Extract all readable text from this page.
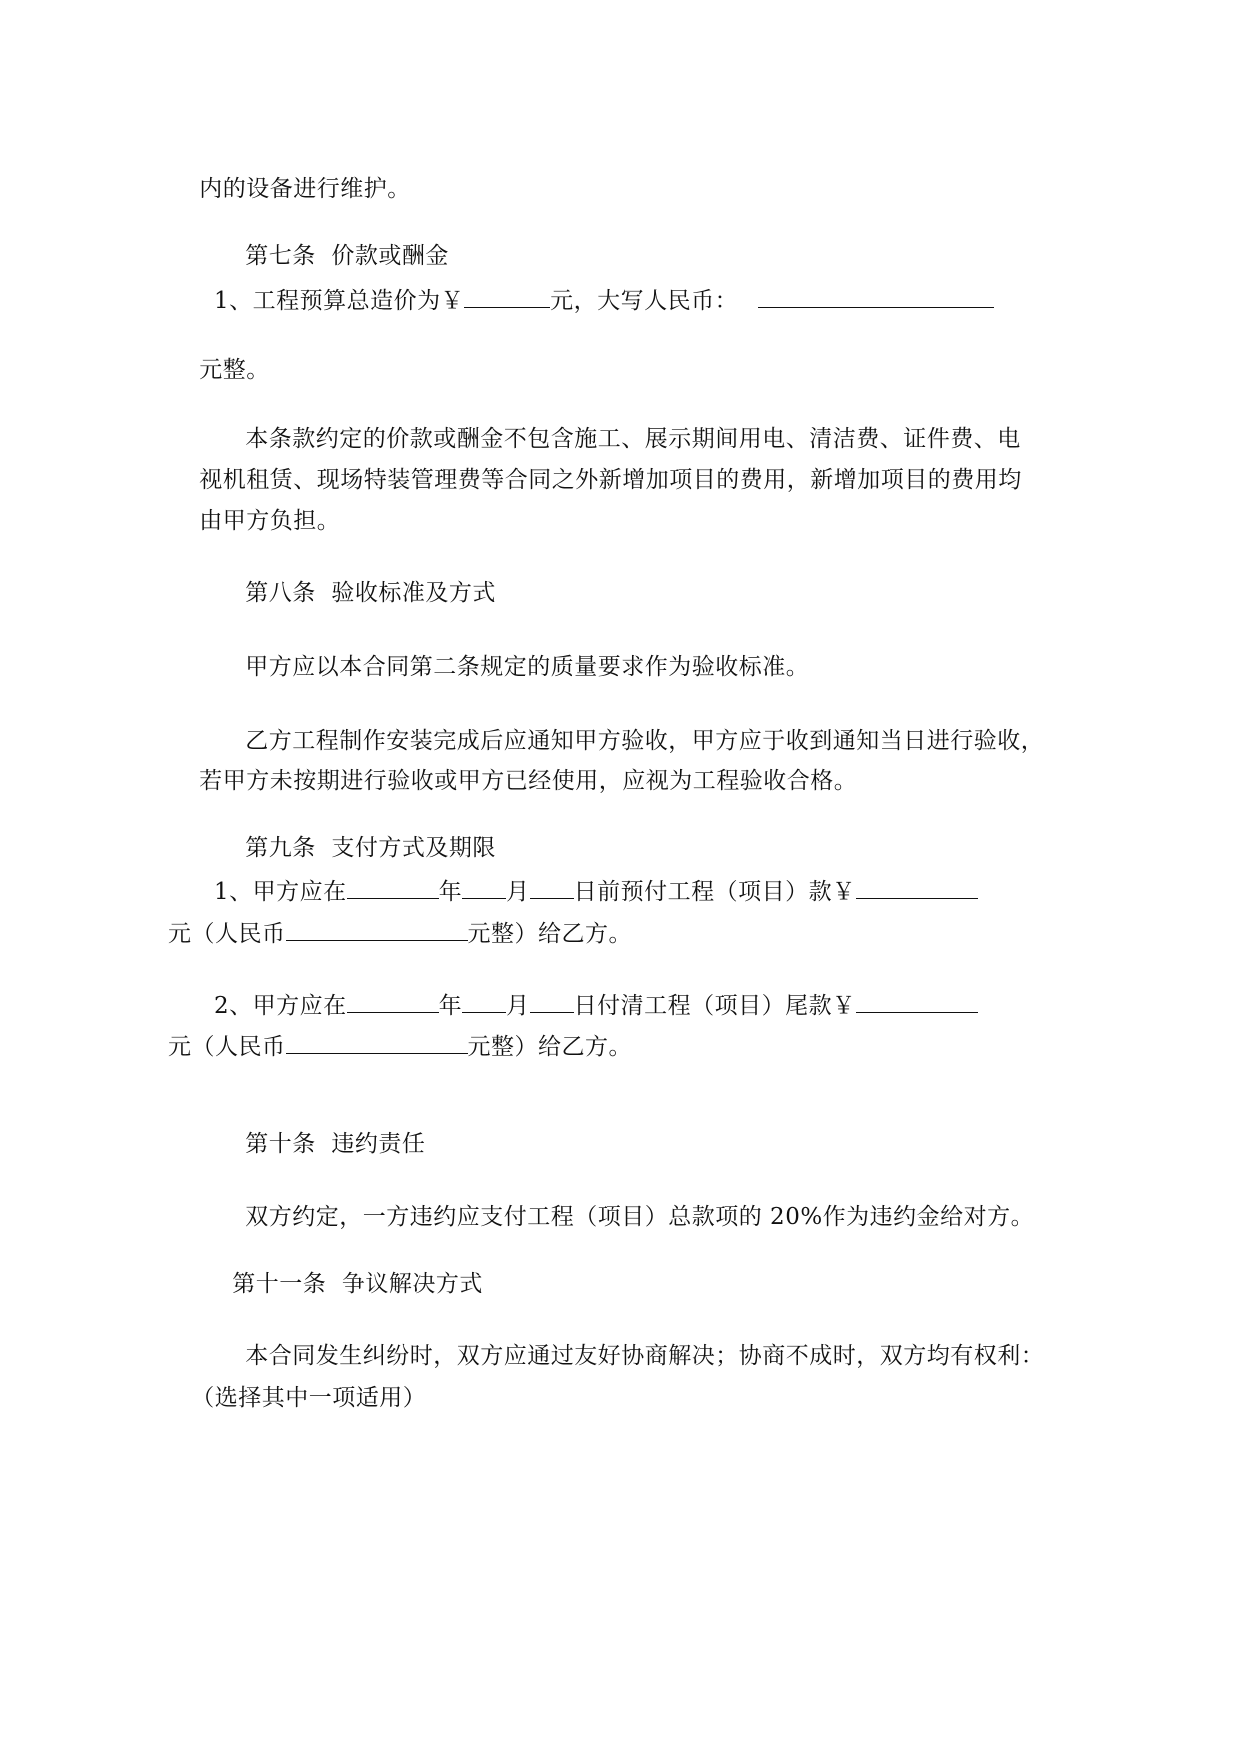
内的设备进行维护。

第七条  价款或酬金

1、工程预算总造价为￥	元，大写人民币：

元整。

本条款约定的价款或酬金不包含施工、展示期间用电、清洁费、证件费、电

视机租赁、现场特装管理费等合同之外新增加项目的费用，新增加项目的费用均

由甲方负担。

第八条  验收标准及方式

甲方应以本合同第二条规定的质量要求作为验收标准。

乙方工程制作安装完成后应通知甲方验收，甲方应于收到通知当日进行验收，

若甲方未按期进行验收或甲方已经使用，应视为工程验收合格。

第九条  支付方式及期限

1、甲方应在	年 月 日前预付工程（项目）款￥
元（人民币	元整）给乙方。
2、甲方应在	年 月 日付清工程（项目）尾款￥
元（人民币	元整）给乙方。

第十条  违约责任

双方约定，一方违约应支付工程（项目）总款项的 20%作为违约金给对方。

第十一条  争议解决方式

本合同发生纠纷时，双方应通过友好协商解决；协商不成时，双方均有权利：

（选择其中一项适用）
